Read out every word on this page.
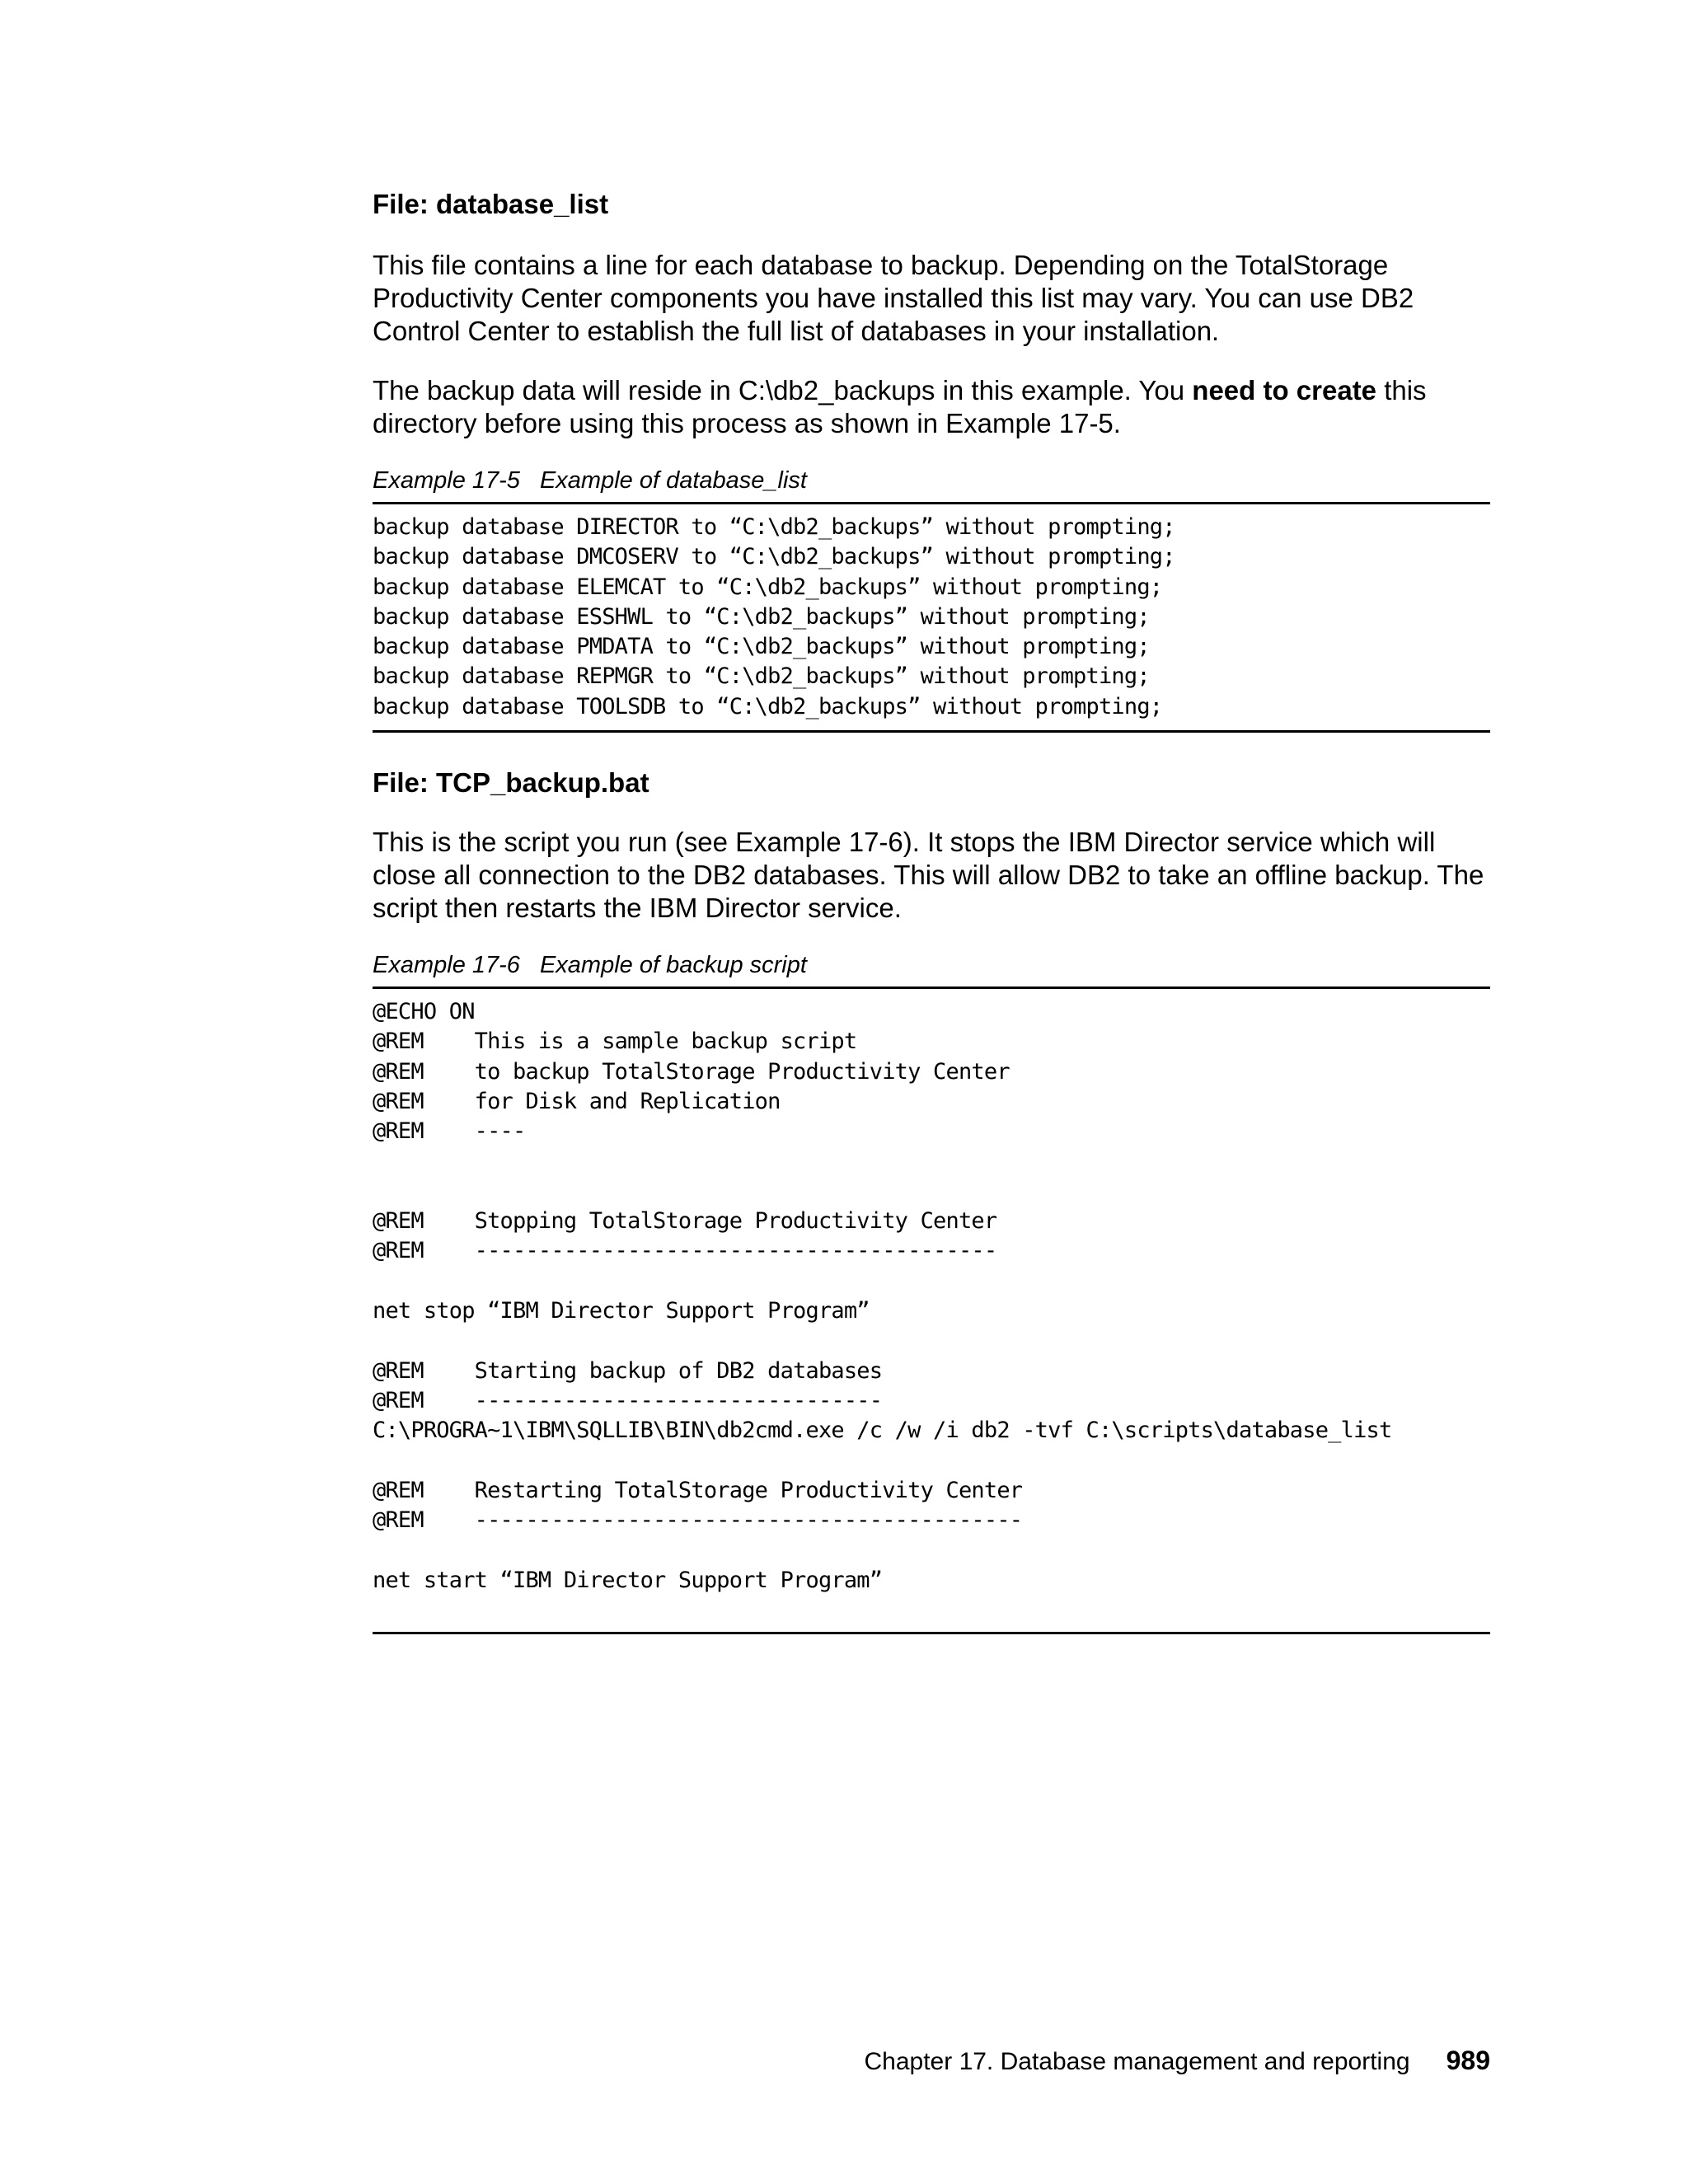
File: database_list

This file contains a line for each database to backup. Depending on the TotalStorage
Productivity Center components you have installed this list may vary. You can use DB2
Control Center to establish the full list of databases in your installation.

The backup data will reside in C:\db2_backups in this example. You need to create this
directory before using this process as shown in Example 17-5.

Example 17-5 Example of database_list
backup database DIRECTOR to “C:\db2_backups” without prompting;
backup database DMCOSERV to “C:\db2_backups” without prompting;
backup database ELEMCAT to “C:\db2_backups” without prompting;
backup database ESSHWL to “C:\db2_backups” without prompting;
backup database PMDATA to “C:\db2_backups” without prompting;
backup database REPMGR to “C:\db2_backups” without prompting;
backup database TOOLSDB to “C:\db2_backups” without prompting;
File: TCP_backup.bat

This is the script you run (see Example 17-6). It stops the IBM Director service which will
close all connection to the DB2 databases. This will allow DB2 to take an offline backup. The
script then restarts the IBM Director service.

Example 17-6 Example of backup script
@ECHO ON
@REM    This is a sample backup script
@REM    to backup TotalStorage Productivity Center
@REM    for Disk and Replication
@REM    ----
@REM    Stopping TotalStorage Productivity Center
@REM    -----------------------------------------
net stop “IBM Director Support Program”
@REM    Starting backup of DB2 databases
@REM    --------------------------------
C:\PROGRA~1\IBM\SQLLIB\BIN\db2cmd.exe /c /w /i db2 -tvf C:\scripts\database_list
@REM    Restarting TotalStorage Productivity Center
@REM    -------------------------------------------
net start “IBM Director Support Program”
Chapter 17. Database management and reporting 989
